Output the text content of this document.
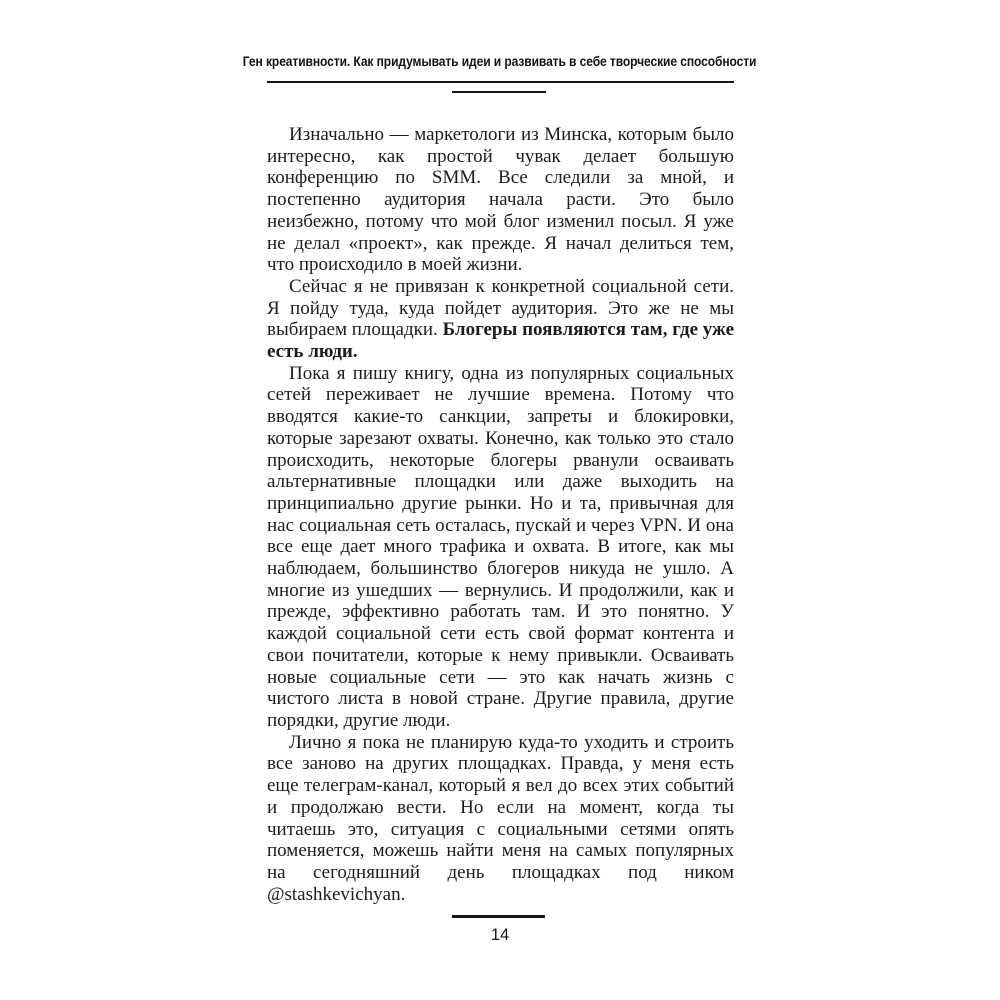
Ген креативности. Как придумывать идеи и развивать в себе творческие способности

Изначально — маркетологи из Минска, которым было интересно, как простой чувак делает большую конференцию по SMM. Все следили за мной, и постепенно аудитория начала расти. Это было неизбежно, потому что мой блог изменил посыл. Я уже не делал «проект», как прежде. Я начал делиться тем, что происходило в моей жизни.

Сейчас я не привязан к конкретной социальной сети. Я пойду туда, куда пойдет аудитория. Это же не мы выбираем площадки. Блогеры появляются там, где уже есть люди.

Пока я пишу книгу, одна из популярных социальных сетей переживает не лучшие времена. Потому что вводятся какие-то санкции, запреты и блокировки, которые зарезают охваты. Конечно, как только это стало происходить, некоторые блогеры рванули осваивать альтернативные площадки или даже выходить на принципиально другие рынки. Но и та, привычная для нас социальная сеть осталась, пускай и через VPN. И она все еще дает много трафика и охвата. В итоге, как мы наблюдаем, большинство блогеров никуда не ушло. А многие из ушедших — вернулись. И продолжили, как и прежде, эффективно работать там. И это понятно. У каждой социальной сети есть свой формат контента и свои почитатели, которые к нему привыкли. Осваивать новые социальные сети — это как начать жизнь с чистого листа в новой стране. Другие правила, другие порядки, другие люди.

Лично я пока не планирую куда-то уходить и строить все заново на других площадках. Правда, у меня есть еще телеграм-канал, который я вел до всех этих событий и продолжаю вести. Но если на момент, когда ты читаешь это, ситуация с социальными сетями опять поменяется, можешь найти меня на самых популярных на сегодняшний день площадках под ником @stashkevichyan.

14
